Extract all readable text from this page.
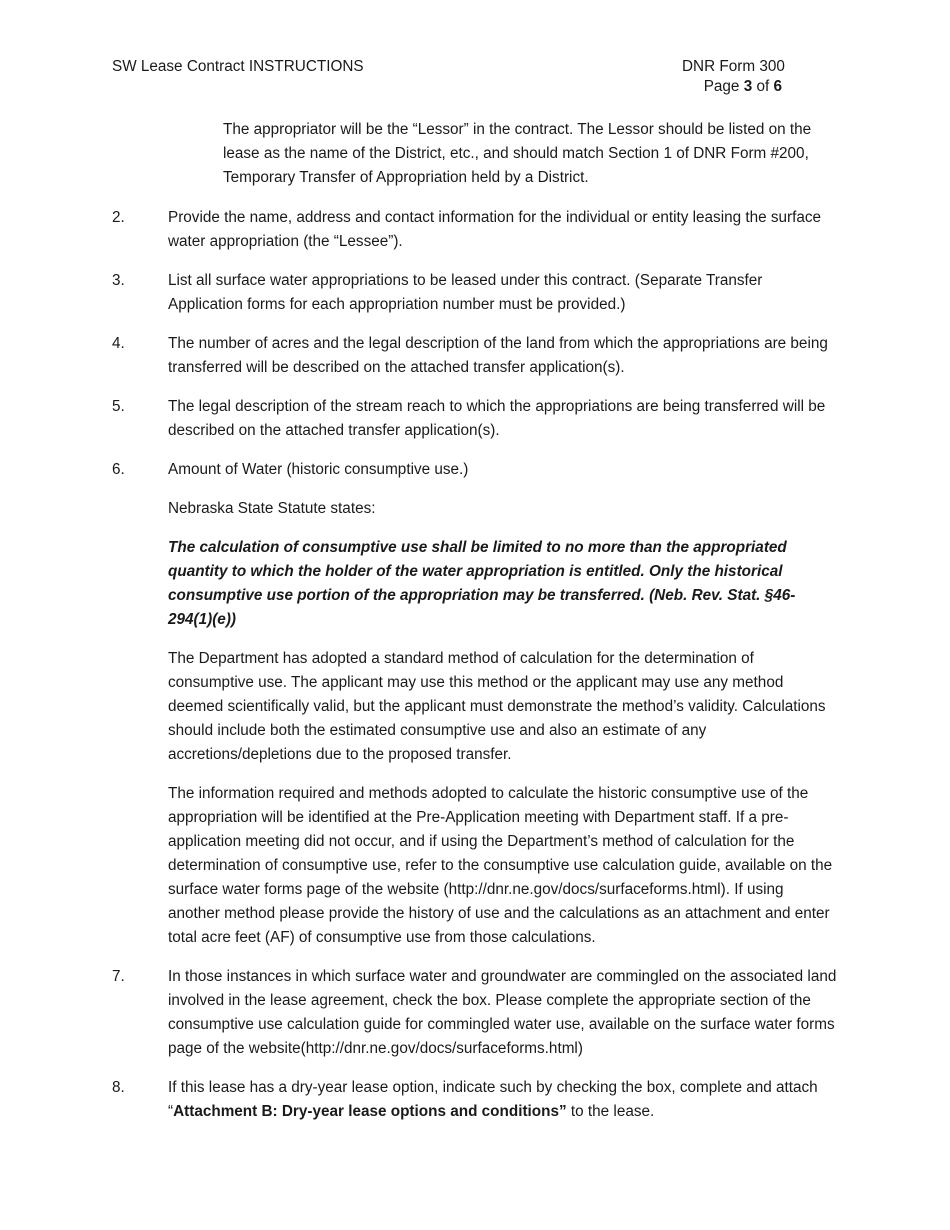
SW Lease Contract INSTRUCTIONS	DNR Form 300
Page 3 of 6

The appropriator will be the “Lessor” in the contract. The Lessor should be listed on the lease as the name of the District, etc., and should match Section 1 of DNR Form #200, Temporary Transfer of Appropriation held by a District.

2.	Provide the name, address and contact information for the individual or entity leasing the surface water appropriation (the “Lessee”).

3.	List all surface water appropriations to be leased under this contract. (Separate Transfer Application forms for each appropriation number must be provided.)

4.	The number of acres and the legal description of the land from which the appropriations are being transferred will be described on the attached transfer application(s).

5.	The legal description of the stream reach to which the appropriations are being transferred will be described on the attached transfer application(s).

6.	Amount of Water (historic consumptive use.)

Nebraska State Statute states:

The calculation of consumptive use shall be limited to no more than the appropriated quantity to which the holder of the water appropriation is entitled. Only the historical consumptive use portion of the appropriation may be transferred. (Neb. Rev. Stat. §46-294(1)(e))

The Department has adopted a standard method of calculation for the determination of consumptive use. The applicant may use this method or the applicant may use any method deemed scientifically valid, but the applicant must demonstrate the method’s validity. Calculations should include both the estimated consumptive use and also an estimate of any accretions/depletions due to the proposed transfer.

The information required and methods adopted to calculate the historic consumptive use of the appropriation will be identified at the Pre-Application meeting with Department staff. If a pre-application meeting did not occur, and if using the Department’s method of calculation for the determination of consumptive use, refer to the consumptive use calculation guide, available on the surface water forms page of the website (http://dnr.ne.gov/docs/surfaceforms.html). If using another method please provide the history of use and the calculations as an attachment and enter total acre feet (AF) of consumptive use from those calculations.

7.	In those instances in which surface water and groundwater are commingled on the associated land involved in the lease agreement, check the box. Please complete the appropriate section of the consumptive use calculation guide for commingled water use, available on the surface water forms page of the website(http://dnr.ne.gov/docs/surfaceforms.html)

8.	If this lease has a dry-year lease option, indicate such by checking the box, complete and attach “Attachment B: Dry-year lease options and conditions” to the lease.
